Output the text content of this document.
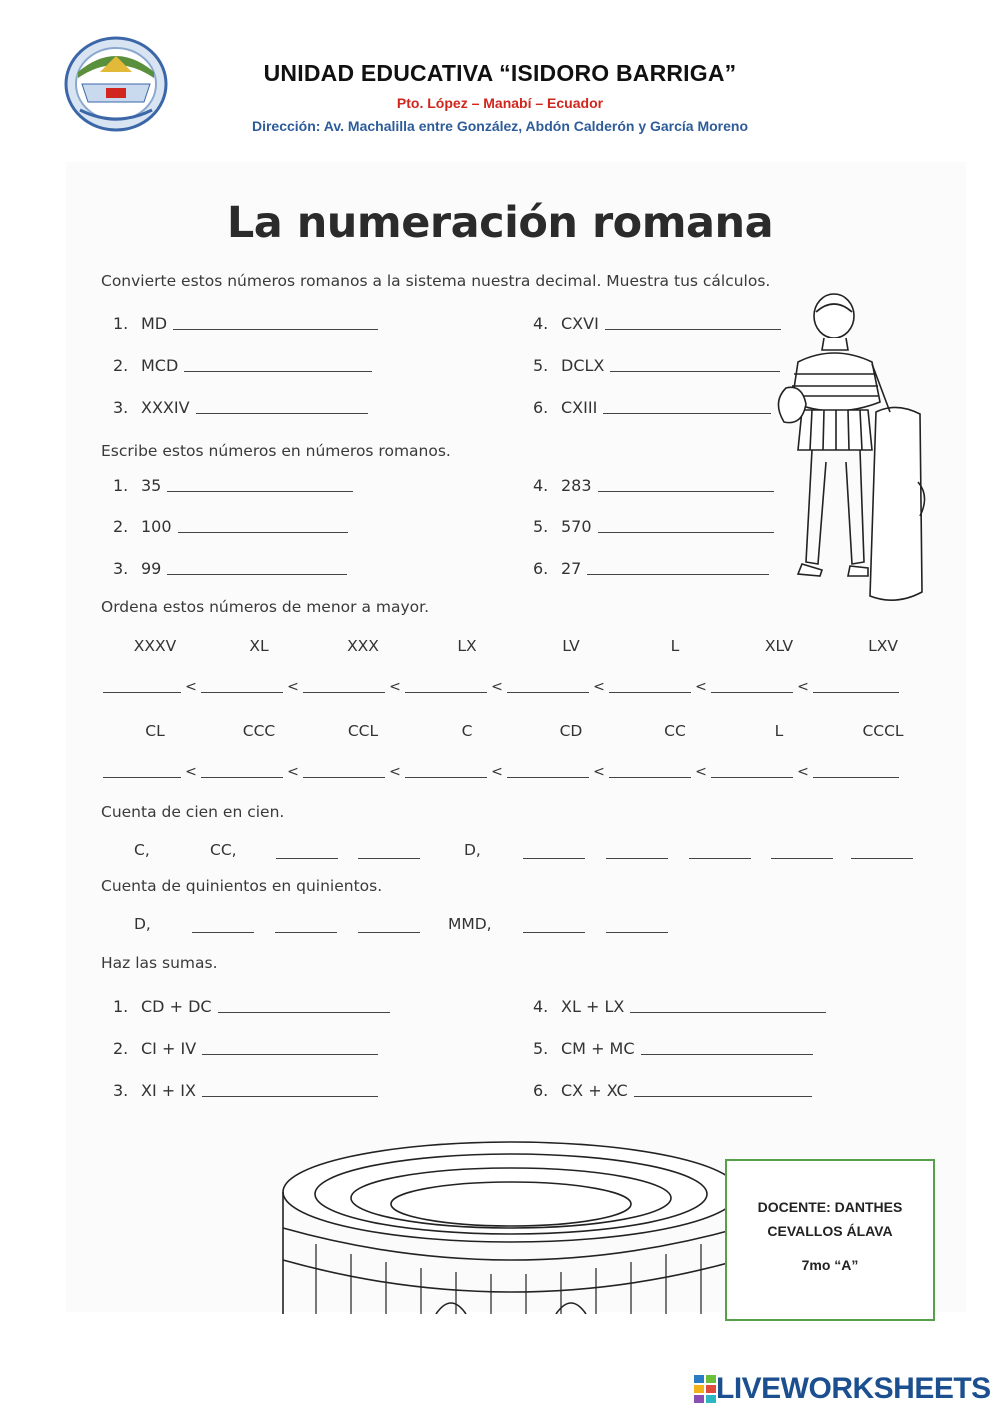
UNIDAD EDUCATIVA “ISIDORO BARRIGA”
Pto. López – Manabí – Ecuador
Dirección: Av. Machalilla entre González, Abdón Calderón y García Moreno
La numeración romana
Convierte estos números romanos a la sistema nuestra decimal. Muestra tus cálculos.
1. MD
2. MCD
3. XXXIV
4. CXVI
5. DCLX
6. CXIII
Escribe estos números en números romanos.
1. 35
2. 100
3. 99
4. 283
5. 570
6. 27
Ordena estos números de menor a mayor.
XXXV	XL	XXX	LX	LV	L	XLV	LXV
<	<	<	<	<	<	<
CL	CCC	CCL	C	CD	CC	L	CCCL
<	<	<	<	<	<	<
Cuenta de cien en cien.
C,	CC,	D,
Cuenta de quinientos en quinientos.
D,	MMD,
Haz las sumas.
1. CD + DC
2. CI + IV
3. XI + IX
4. XL + LX
5. CM + MC
6. CX + XC
DOCENTE: DANTHES
CEVALLOS ÁLAVA
7mo “A”
LIVEWORKSHEETS
